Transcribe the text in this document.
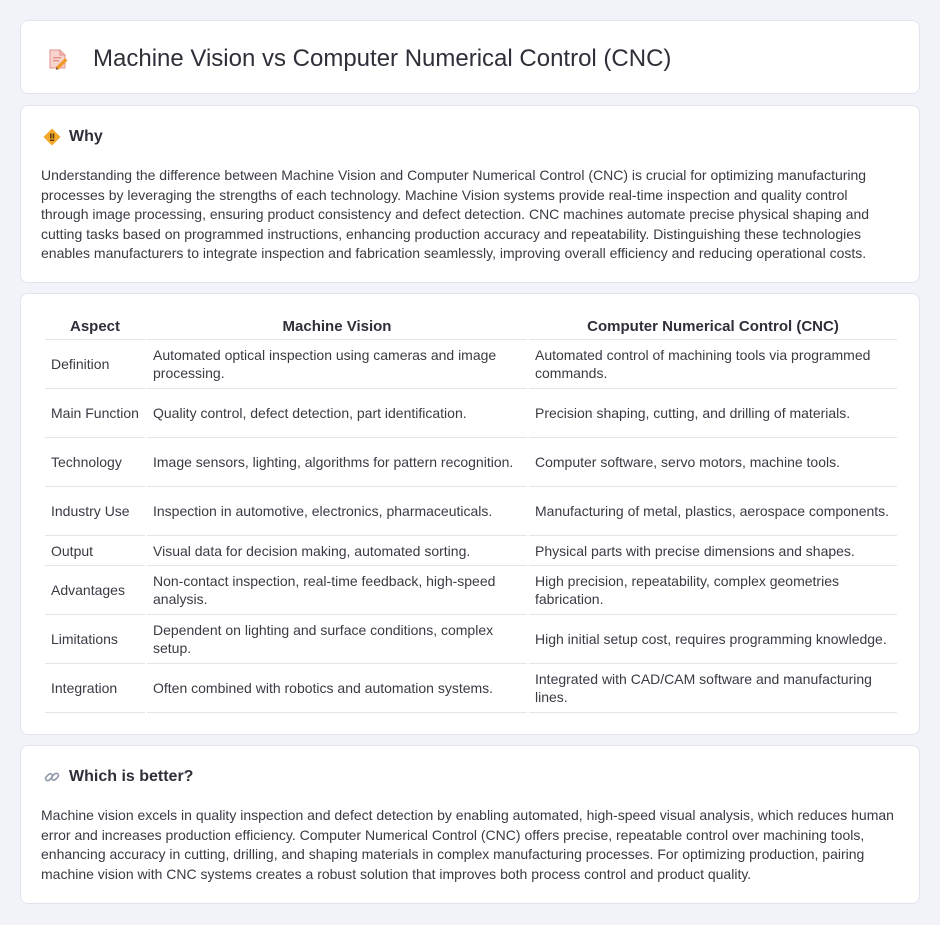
Machine Vision vs Computer Numerical Control (CNC)
Why

Understanding the difference between Machine Vision and Computer Numerical Control (CNC) is crucial for optimizing manufacturing processes by leveraging the strengths of each technology. Machine Vision systems provide real-time inspection and quality control through image processing, ensuring product consistency and defect detection. CNC machines automate precise physical shaping and cutting tasks based on programmed instructions, enhancing production accuracy and repeatability. Distinguishing these technologies enables manufacturers to integrate inspection and fabrication seamlessly, improving overall efficiency and reducing operational costs.

Aspect	Machine Vision	Computer Numerical Control (CNC)
Definition	Automated optical inspection using cameras and image processing.	Automated control of machining tools via programmed commands.
Main Function	Quality control, defect detection, part identification.	Precision shaping, cutting, and drilling of materials.
Technology	Image sensors, lighting, algorithms for pattern recognition.	Computer software, servo motors, machine tools.
Industry Use	Inspection in automotive, electronics, pharmaceuticals.	Manufacturing of metal, plastics, aerospace components.
Output	Visual data for decision making, automated sorting.	Physical parts with precise dimensions and shapes.
Advantages	Non-contact inspection, real-time feedback, high-speed analysis.	High precision, repeatability, complex geometries fabrication.
Limitations	Dependent on lighting and surface conditions, complex setup.	High initial setup cost, requires programming knowledge.
Integration	Often combined with robotics and automation systems.	Integrated with CAD/CAM software and manufacturing lines.
Which is better?

Machine vision excels in quality inspection and defect detection by enabling automated, high-speed visual analysis, which reduces human error and increases production efficiency. Computer Numerical Control (CNC) offers precise, repeatable control over machining tools, enhancing accuracy in cutting, drilling, and shaping materials in complex manufacturing processes. For optimizing production, pairing machine vision with CNC systems creates a robust solution that improves both process control and product quality.
